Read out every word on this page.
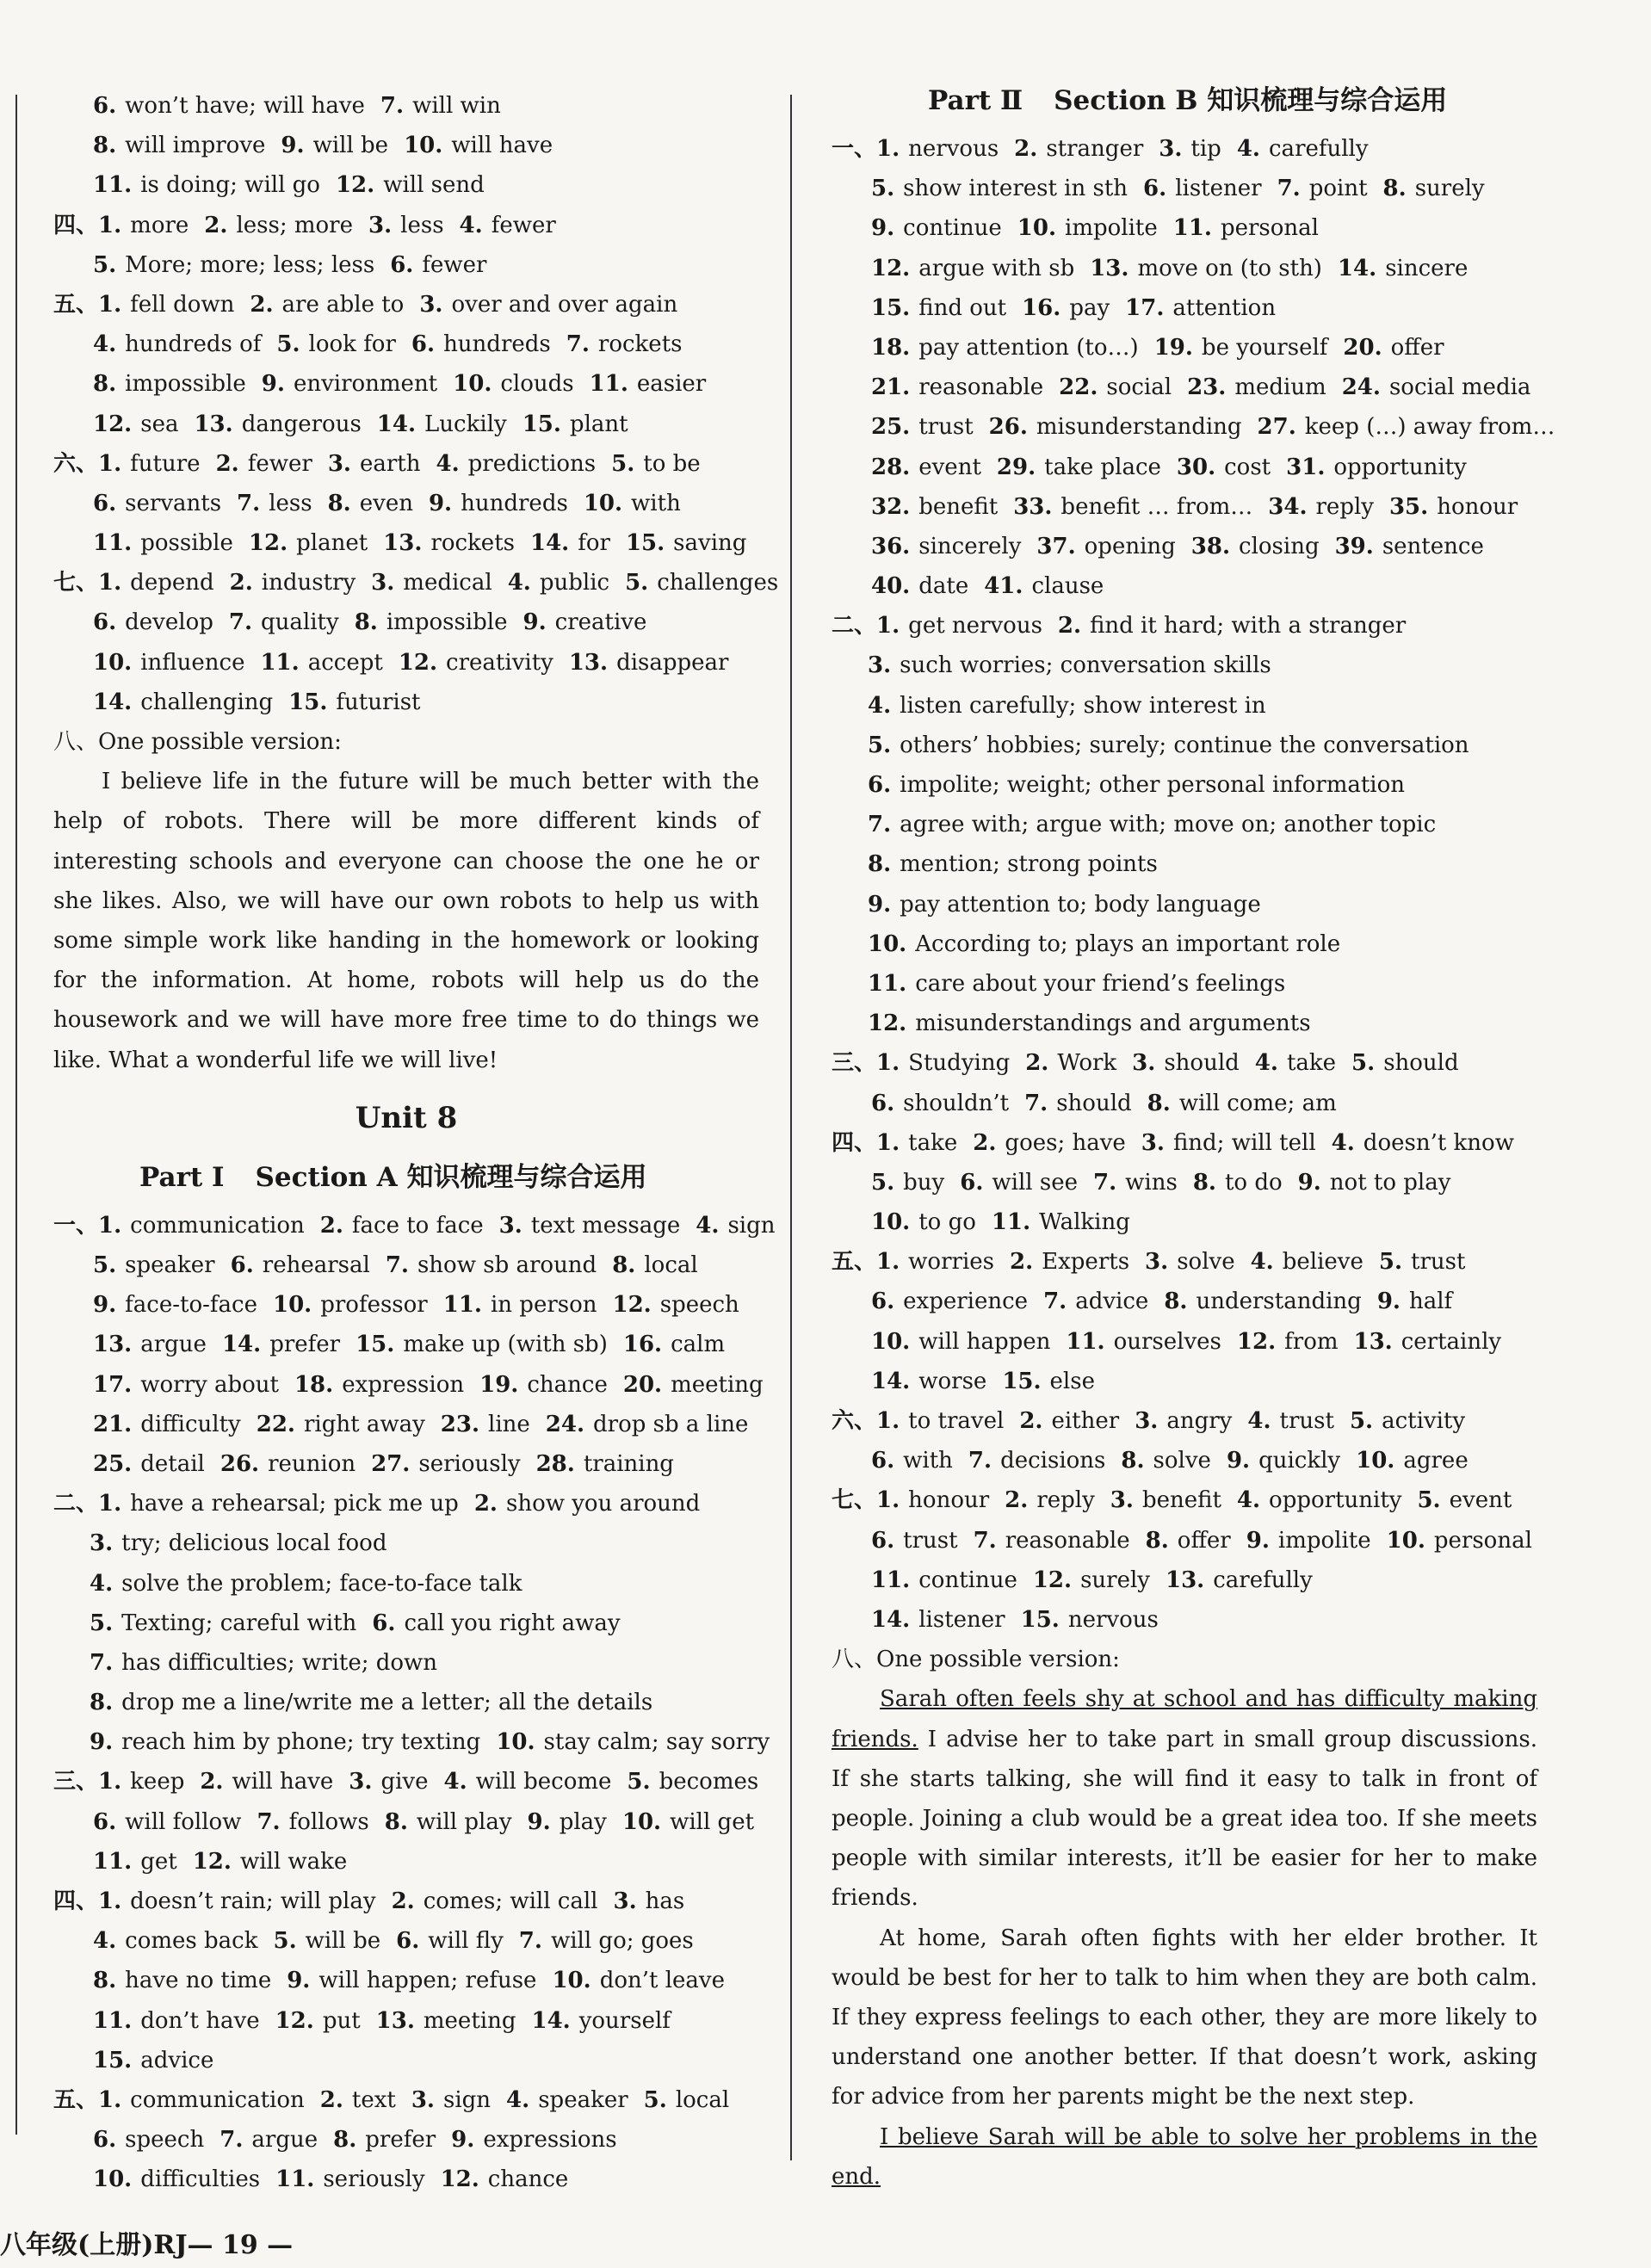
6. won’t have; will have 7. will win
8. will improve 9. will be 10. will have
11. is doing; will go 12. will send
四、1. more 2. less; more 3. less 4. fewer
5. More; more; less; less 6. fewer
五、1. fell down 2. are able to 3. over and over again
4. hundreds of 5. look for 6. hundreds 7. rockets
8. impossible 9. environment 10. clouds 11. easier
12. sea 13. dangerous 14. Luckily 15. plant
六、1. future 2. fewer 3. earth 4. predictions 5. to be
6. servants 7. less 8. even 9. hundreds 10. with
11. possible 12. planet 13. rockets 14. for 15. saving
七、1. depend 2. industry 3. medical 4. public 5. challenges
6. develop 7. quality 8. impossible 9. creative
10. influence 11. accept 12. creativity 13. disappear
14. challenging 15. futurist
八、One possible version:

I believe life in the future will be much better with the help of robots. There will be more different kinds of interesting schools and everyone can choose the one he or she likes. Also, we will have our own robots to help us with some simple work like handing in the homework or looking for the information. At home, robots will help us do the housework and we will have more free time to do things we like. What a wonderful life we will live!

Unit 8
Part Ⅰ Section A 知识梳理与综合运用
一、1. communication 2. face to face 3. text message 4. sign
5. speaker 6. rehearsal 7. show sb around 8. local
9. face-to-face 10. professor 11. in person 12. speech
13. argue 14. prefer 15. make up (with sb) 16. calm
17. worry about 18. expression 19. chance 20. meeting
21. difficulty 22. right away 23. line 24. drop sb a line
25. detail 26. reunion 27. seriously 28. training
二、1. have a rehearsal; pick me up 2. show you around
3. try; delicious local food
4. solve the problem; face-to-face talk
5. Texting; careful with 6. call you right away
7. has difficulties; write; down
8. drop me a line/write me a letter; all the details
9. reach him by phone; try texting 10. stay calm; say sorry
三、1. keep 2. will have 3. give 4. will become 5. becomes
6. will follow 7. follows 8. will play 9. play 10. will get
11. get 12. will wake
四、1. doesn’t rain; will play 2. comes; will call 3. has
4. comes back 5. will be 6. will fly 7. will go; goes
8. have no time 9. will happen; refuse 10. don’t leave
11. don’t have 12. put 13. meeting 14. yourself
15. advice
五、1. communication 2. text 3. sign 4. speaker 5. local
6. speech 7. argue 8. prefer 9. expressions
10. difficulties 11. seriously 12. chance
Part Ⅱ Section B 知识梳理与综合运用
一、1. nervous 2. stranger 3. tip 4. carefully
5. show interest in sth 6. listener 7. point 8. surely
9. continue 10. impolite 11. personal
12. argue with sb 13. move on (to sth) 14. sincere
15. find out 16. pay 17. attention
18. pay attention (to…) 19. be yourself 20. offer
21. reasonable 22. social 23. medium 24. social media
25. trust 26. misunderstanding 27. keep (…) away from…
28. event 29. take place 30. cost 31. opportunity
32. benefit 33. benefit … from… 34. reply 35. honour
36. sincerely 37. opening 38. closing 39. sentence
40. date 41. clause
二、1. get nervous 2. find it hard; with a stranger
3. such worries; conversation skills
4. listen carefully; show interest in
5. others’ hobbies; surely; continue the conversation
6. impolite; weight; other personal information
7. agree with; argue with; move on; another topic
8. mention; strong points
9. pay attention to; body language
10. According to; plays an important role
11. care about your friend’s feelings
12. misunderstandings and arguments
三、1. Studying 2. Work 3. should 4. take 5. should
6. shouldn’t 7. should 8. will come; am
四、1. take 2. goes; have 3. find; will tell 4. doesn’t know
5. buy 6. will see 7. wins 8. to do 9. not to play
10. to go 11. Walking
五、1. worries 2. Experts 3. solve 4. believe 5. trust
6. experience 7. advice 8. understanding 9. half
10. will happen 11. ourselves 12. from 13. certainly
14. worse 15. else
六、1. to travel 2. either 3. angry 4. trust 5. activity
6. with 7. decisions 8. solve 9. quickly 10. agree
七、1. honour 2. reply 3. benefit 4. opportunity 5. event
6. trust 7. reasonable 8. offer 9. impolite 10. personal
11. continue 12. surely 13. carefully
14. listener 15. nervous
八、One possible version:

Sarah often feels shy at school and has difficulty making friends. I advise her to take part in small group discussions. If she starts talking, she will find it easy to talk in front of people. Joining a club would be a great idea too. If she meets people with similar interests, it’ll be easier for her to make friends.

At home, Sarah often fights with her elder brother. It would be best for her to talk to him when they are both calm. If they express feelings to each other, they are more likely to understand one another better. If that doesn’t work, asking for advice from her parents might be the next step.

I believe Sarah will be able to solve her problems in the end.

八年级(上册)RJ— 19 —
